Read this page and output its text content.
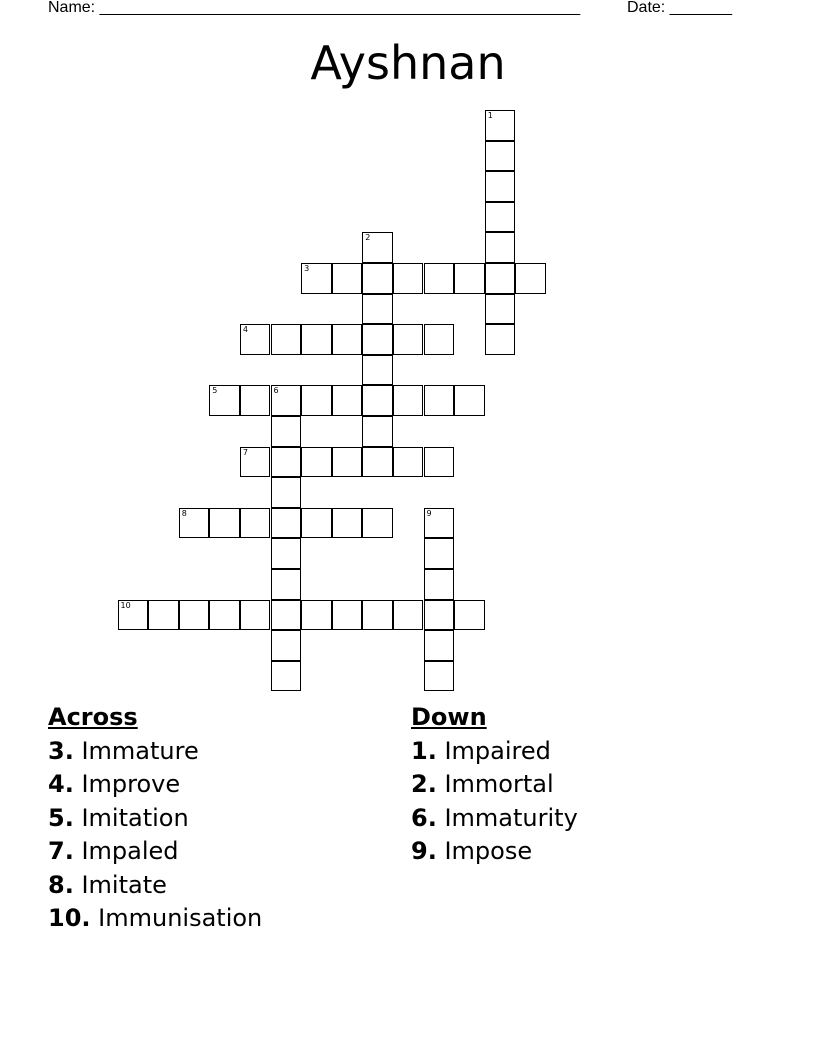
Name: ______________________________________________________	Date: _______
Ayshnan
1
2
3
4
5	6
7
8	9
10
Across
3. Immature
4. Improve
5. Imitation
7. Impaled
8. Imitate
10. Immunisation
Down
1. Impaired
2. Immortal
6. Immaturity
9. Impose
